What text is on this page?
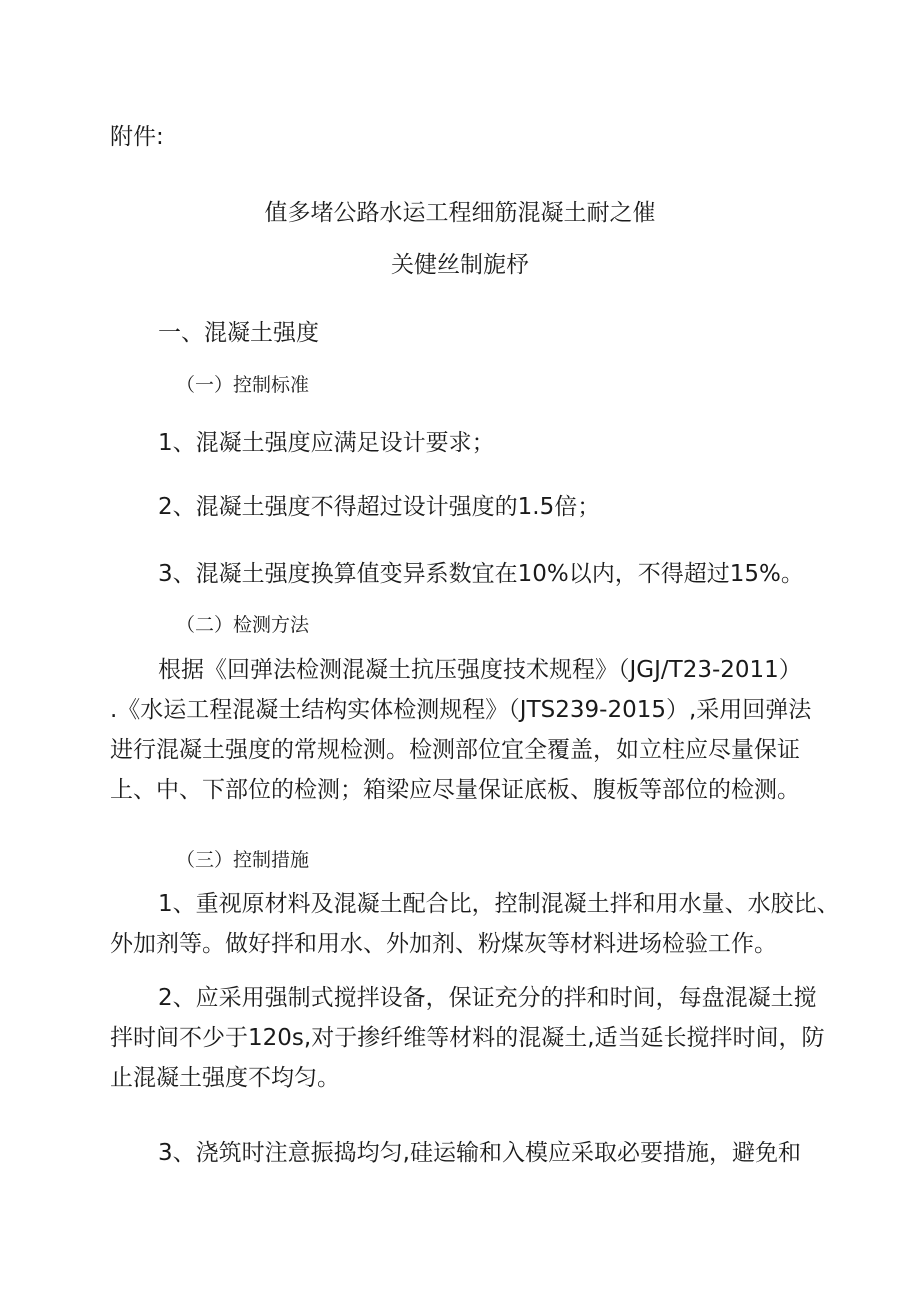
附件:
值多堵公路水运工程细筋混凝土耐之催
关健丝制旎杼
一、混凝土强度
（一）控制标准
1、混凝土强度应满足设计要求；
2、混凝土强度不得超过设计强度的1.5倍；
3、混凝土强度换算值变异系数宜在10%以内，不得超过15%。
（二）检测方法
根据《回弹法检测混凝土抗压强度技术规程》（JGJ/T23-2011）
.《水运工程混凝土结构实体检测规程》（JTS239-2015）,采用回弹法
进行混凝土强度的常规检测。检测部位宜全覆盖，如立柱应尽量保证
上、中、下部位的检测；箱梁应尽量保证底板、腹板等部位的检测。
（三）控制措施
1、重视原材料及混凝土配合比，控制混凝土拌和用水量、水胶比、
外加剂等。做好拌和用水、外加剂、粉煤灰等材料进场检验工作。
2、应采用强制式搅拌设备，保证充分的拌和时间，每盘混凝土搅
拌时间不少于120s,对于掺纤维等材料的混凝土,适当延长搅拌时间，防
止混凝土强度不均匀。
3、浇筑时注意振捣均匀,硅运输和入模应采取必要措施，避免和
